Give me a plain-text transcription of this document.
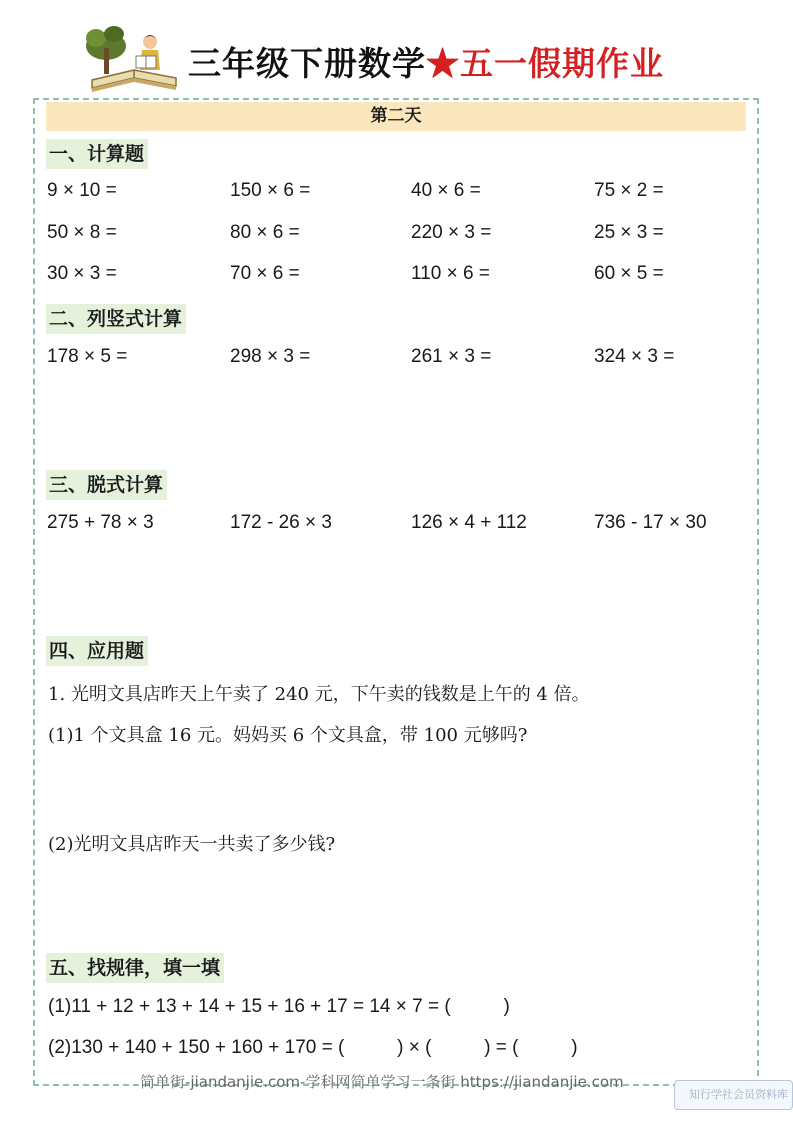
三年级下册数学★五一假期作业
第二天
一、计算题
9 × 10 =	150 × 6 =	40 × 6 =	75 × 2 =
50 × 8 =	80 × 6 =	220 × 3 =	25 × 3 =
30 × 3 =	70 × 6 =	110 × 6 =	60 × 5 =
二、列竖式计算
178 × 5 =	298 × 3 =	261 × 3 =	324 × 3 =
三、脱式计算
275 + 78 × 3	172 - 26 × 3	126 × 4 + 112	736 - 17 × 30
四、应用题
1. 光明文具店昨天上午卖了 240 元，下午卖的钱数是上午的 4 倍。
(1)1 个文具盒 16 元。妈妈买 6 个文具盒，带 100 元够吗?
(2)光明文具店昨天一共卖了多少钱?
五、找规律，填一填
(1)11 + 12 + 13 + 14 + 15 + 16 + 17 = 14 × 7 = (          )
(2)130 + 140 + 150 + 160 + 170 = (          ) × (          ) = (          )
简单街-jiandanjie.com-学科网简单学习一条街 https://jiandanjie.com
知行学社会员资料库
